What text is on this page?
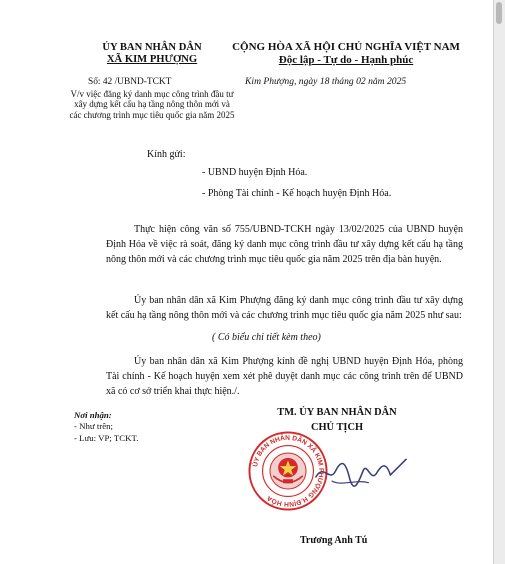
ỦY BAN NHÂN DÂN
XÃ KIM PHƯỢNG
Số: 42 /UBND-TCKT
V/v việc đăng ký danh mục công trình đầu tư xây dựng kết cấu hạ tầng nông thôn mới và các chương trình mục tiêu quốc gia năm 2025
CỘNG HÒA XÃ HỘI CHỦ NGHĨA VIỆT NAM
Độc lập - Tự do - Hạnh phúc
Kim Phượng, ngày 18 tháng 02 năm 2025
Kính gửi:
- UBND huyện Định Hóa.
- Phòng Tài chính - Kế hoạch huyện Định Hóa.
Thực hiện công văn số 755/UBND-TCKH ngày 13/02/2025 của UBND huyện Định Hóa về việc rà soát, đăng ký danh mục công trình đầu tư xây dựng kết cấu hạ tầng nông thôn mới và các chương trình mục tiêu quốc gia năm 2025 trên địa bàn huyện.
Ủy ban nhân dân xã Kim Phượng đăng ký danh mục công trình đầu tư xây dựng kết cấu hạ tầng nông thôn mới và các chương trình mục tiêu quốc gia năm 2025 như sau:
( Có biểu chi tiết kèm theo)
Ủy ban nhân dân xã Kim Phượng kính đề nghị UBND huyện Định Hóa, phòng Tài chính - Kế hoạch huyện xem xét phê duyệt danh mục các công trình trên để UBND xã có cơ sở triển khai thực hiện./.
Nơi nhận:
- Như trên;
- Lưu: VP; TCKT.
TM. ỦY BAN NHÂN DÂN
CHỦ TỊCH
ỦY BAN NHÂN DÂN XÃ KIM PHƯỢNG H.ĐỊNH HÓA
Trương Anh Tú
